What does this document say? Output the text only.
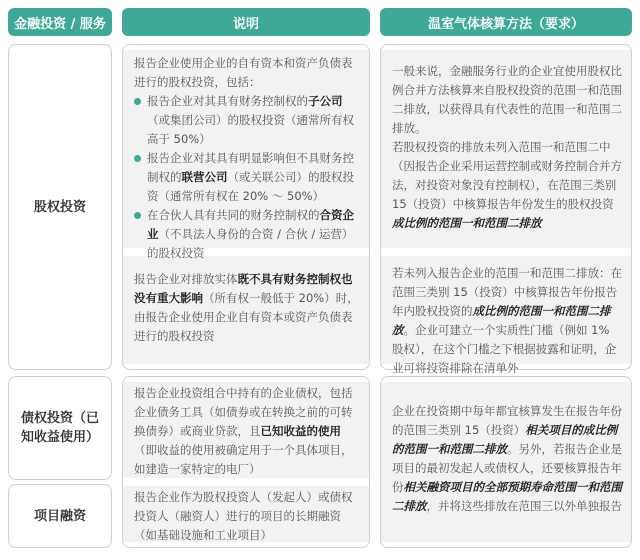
金融投资 / 服务	说明	温室气体核算方法（要求）
股权投资
债权投资（已知收益使用）
项目融资
报告企业使用企业的自有资本和资产负债表进行的股权投资，包括：
报告企业对其具有财务控制权的子公司（或集团公司）的股权投资（通常所有权高于 50%）
报告企业对其具有明显影响但不具财务控制权的联营公司（或关联公司）的股权投资（通常所有权在 20% ～ 50%）
在合伙人具有共同的财务控制权的合资企业（不具法人身份的合资 / 合伙 / 运营）的股权投资
一般来说，金融服务行业的企业宜使用股权比例合并方法核算来自股权投资的范围一和范围二排放，以获得具有代表性的范围一和范围二排放。
若股权投资的排放未列入范围一和范围二中（因报告企业采用运营控制或财务控制合并方法，对投资对象没有控制权），在范围三类别 15（投资）中核算报告年份发生的股权投资成比例的范围一和范围二排放
报告企业对排放实体既不具有财务控制权也没有重大影响（所有权一般低于 20%）时，由报告企业使用企业自有资本或资产负债表进行的股权投资
若未列入报告企业的范围一和范围二排放：在范围三类别 15（投资）中核算报告年份报告年内股权投资的成比例的范围一和范围二排放。企业可建立一个实质性门槛（例如 1% 股权），在这个门槛之下根据披露和证明，企业可将投资排除在清单外
报告企业投资组合中持有的企业债权，包括企业债务工具（如债券或在转换之前的可转换债券）或商业贷款，且已知收益的使用（即收益的使用被确定用于一个具体项目，如建造一家特定的电厂）
报告企业作为股权投资人（发起人）或债权投资人（融资人）进行的项目的长期融资（如基础设施和工业项目）
企业在投资期中每年都宜核算发生在报告年份的范围三类别 15（投资）相关项目的成比例的范围一和范围二排放。另外，若报告企业是项目的最初发起人或债权人，还要核算报告年份相关融资项目的全部预期寿命范围一和范围二排放，并将这些排放在范围三以外单独报告
